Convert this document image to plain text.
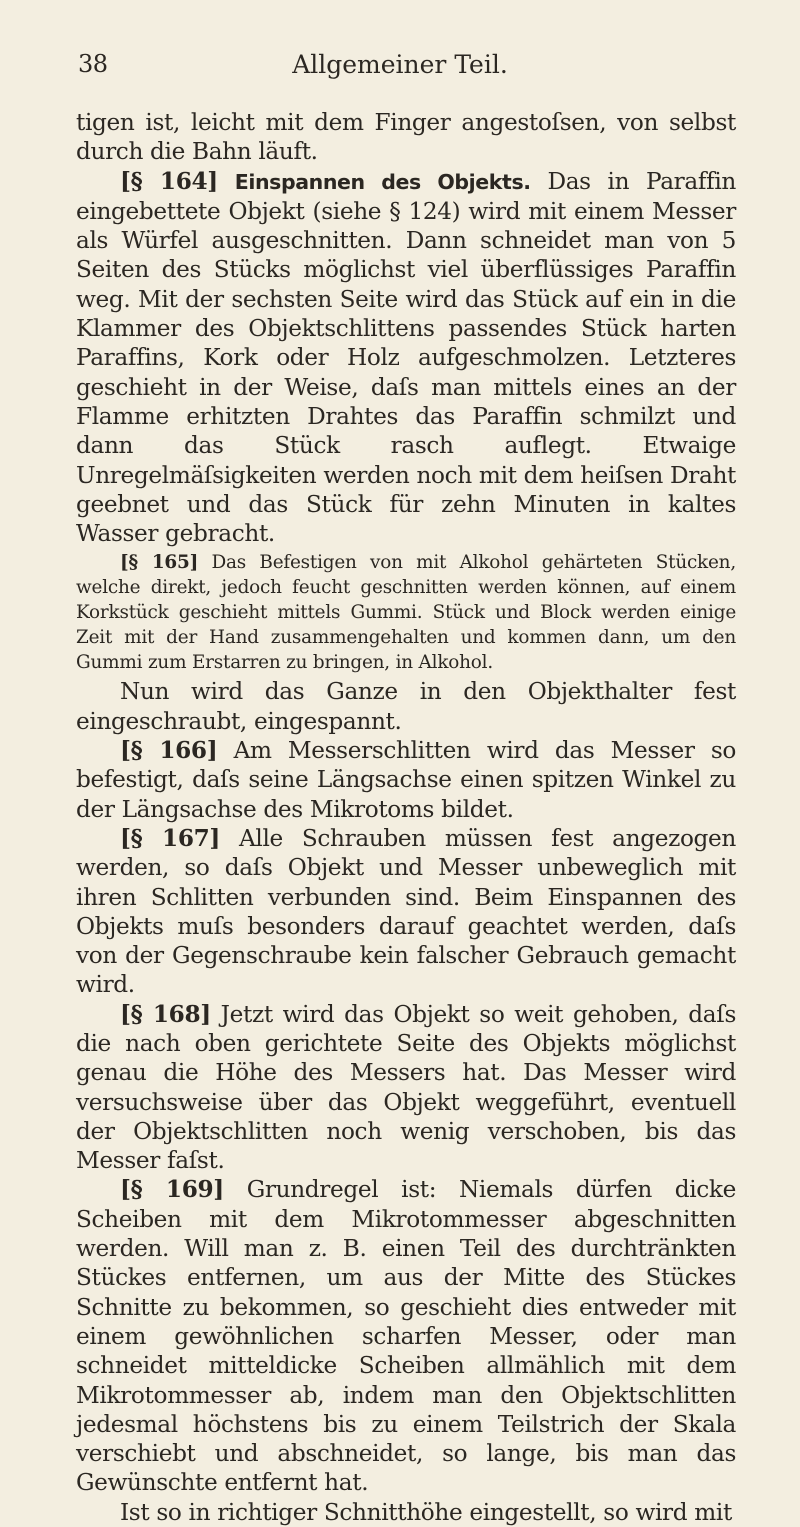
38	Allgemeiner Teil.

tigen ist, leicht mit dem Finger angestoſsen, von selbst durch die Bahn läuft.

[§ 164] Einspannen des Objekts. Das in Paraffin eingebettete Objekt (siehe § 124) wird mit einem Messer als Würfel ausgeschnitten. Dann schneidet man von 5 Seiten des Stücks möglichst viel überflüssiges Paraffin weg. Mit der sechsten Seite wird das Stück auf ein in die Klammer des Objektschlittens passendes Stück harten Paraffins, Kork oder Holz aufgeschmolzen. Letzteres geschieht in der Weise, daſs man mittels eines an der Flamme erhitzten Drahtes das Paraffin schmilzt und dann das Stück rasch auflegt. Etwaige Unregelmäſsigkeiten werden noch mit dem heiſsen Draht geebnet und das Stück für zehn Minuten in kaltes Wasser gebracht.

[§ 165] Das Befestigen von mit Alkohol gehärteten Stücken, welche direkt, jedoch feucht geschnitten werden können, auf einem Korkstück geschieht mittels Gummi. Stück und Block werden einige Zeit mit der Hand zusammengehalten und kommen dann, um den Gummi zum Erstarren zu bringen, in Alkohol.

Nun wird das Ganze in den Objekthalter fest eingeschraubt, eingespannt.

[§ 166] Am Messerschlitten wird das Messer so befestigt, daſs seine Längsachse einen spitzen Winkel zu der Längsachse des Mikrotoms bildet.

[§ 167] Alle Schrauben müssen fest angezogen werden, so daſs Objekt und Messer unbeweglich mit ihren Schlitten verbunden sind. Beim Einspannen des Objekts muſs besonders darauf geachtet werden, daſs von der Gegenschraube kein falscher Gebrauch gemacht wird.

[§ 168] Jetzt wird das Objekt so weit gehoben, daſs die nach oben gerichtete Seite des Objekts möglichst genau die Höhe des Messers hat. Das Messer wird versuchsweise über das Objekt weggeführt, eventuell der Objektschlitten noch wenig verschoben, bis das Messer faſst.

[§ 169] Grundregel ist: Niemals dürfen dicke Scheiben mit dem Mikrotommesser abgeschnitten werden. Will man z. B. einen Teil des durchtränkten Stückes entfernen, um aus der Mitte des Stückes Schnitte zu bekommen, so geschieht dies entweder mit einem gewöhnlichen scharfen Messer, oder man schneidet mitteldicke Scheiben allmählich mit dem Mikrotommesser ab, indem man den Objektschlitten jedesmal höchstens bis zu einem Teilstrich der Skala verschiebt und abschneidet, so lange, bis man das Gewünschte entfernt hat.

Ist so in richtiger Schnitthöhe eingestellt, so wird mit
